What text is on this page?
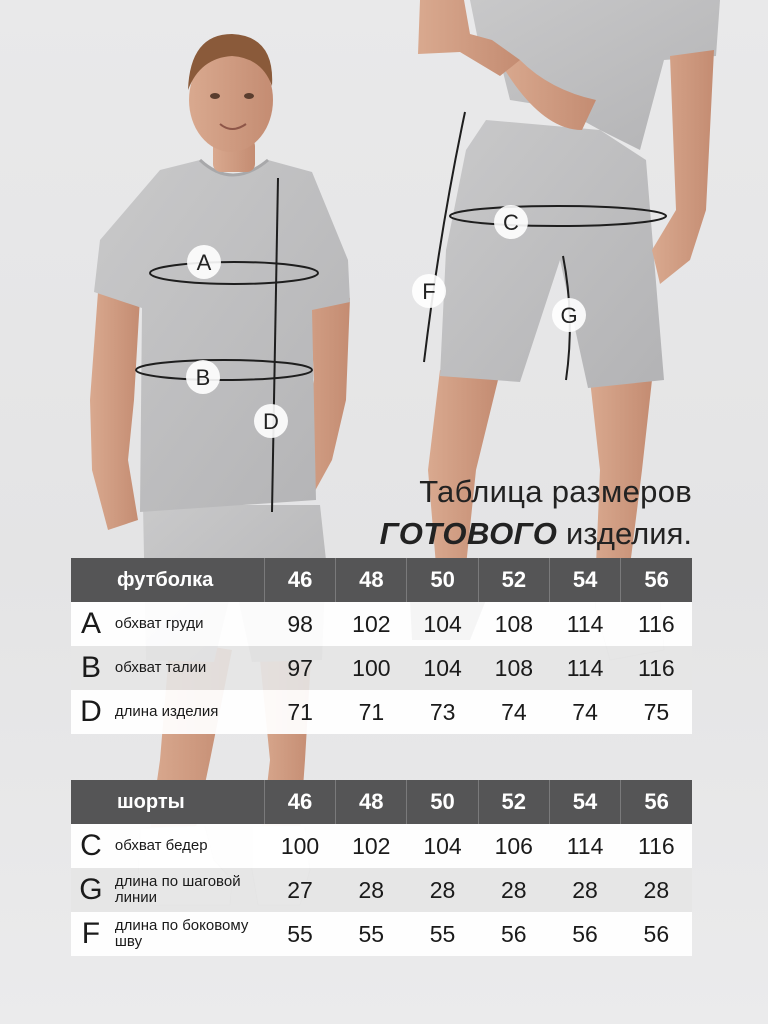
A
B
D
C
F
G
Таблица размеров
ГОТОВОГО изделия.
футболка		46	48	50	52	54	56
A	обхват груди	98	102	104	108	114	116
B	обхват талии	97	100	104	108	114	116
D	длина изделия	71	71	73	74	74	75
шорты		46	48	50	52	54	56
C	обхват бедер	100	102	104	106	114	116
G	длина по шаговой линии	27	28	28	28	28	28
F	длина по боковому шву	55	55	55	56	56	56
